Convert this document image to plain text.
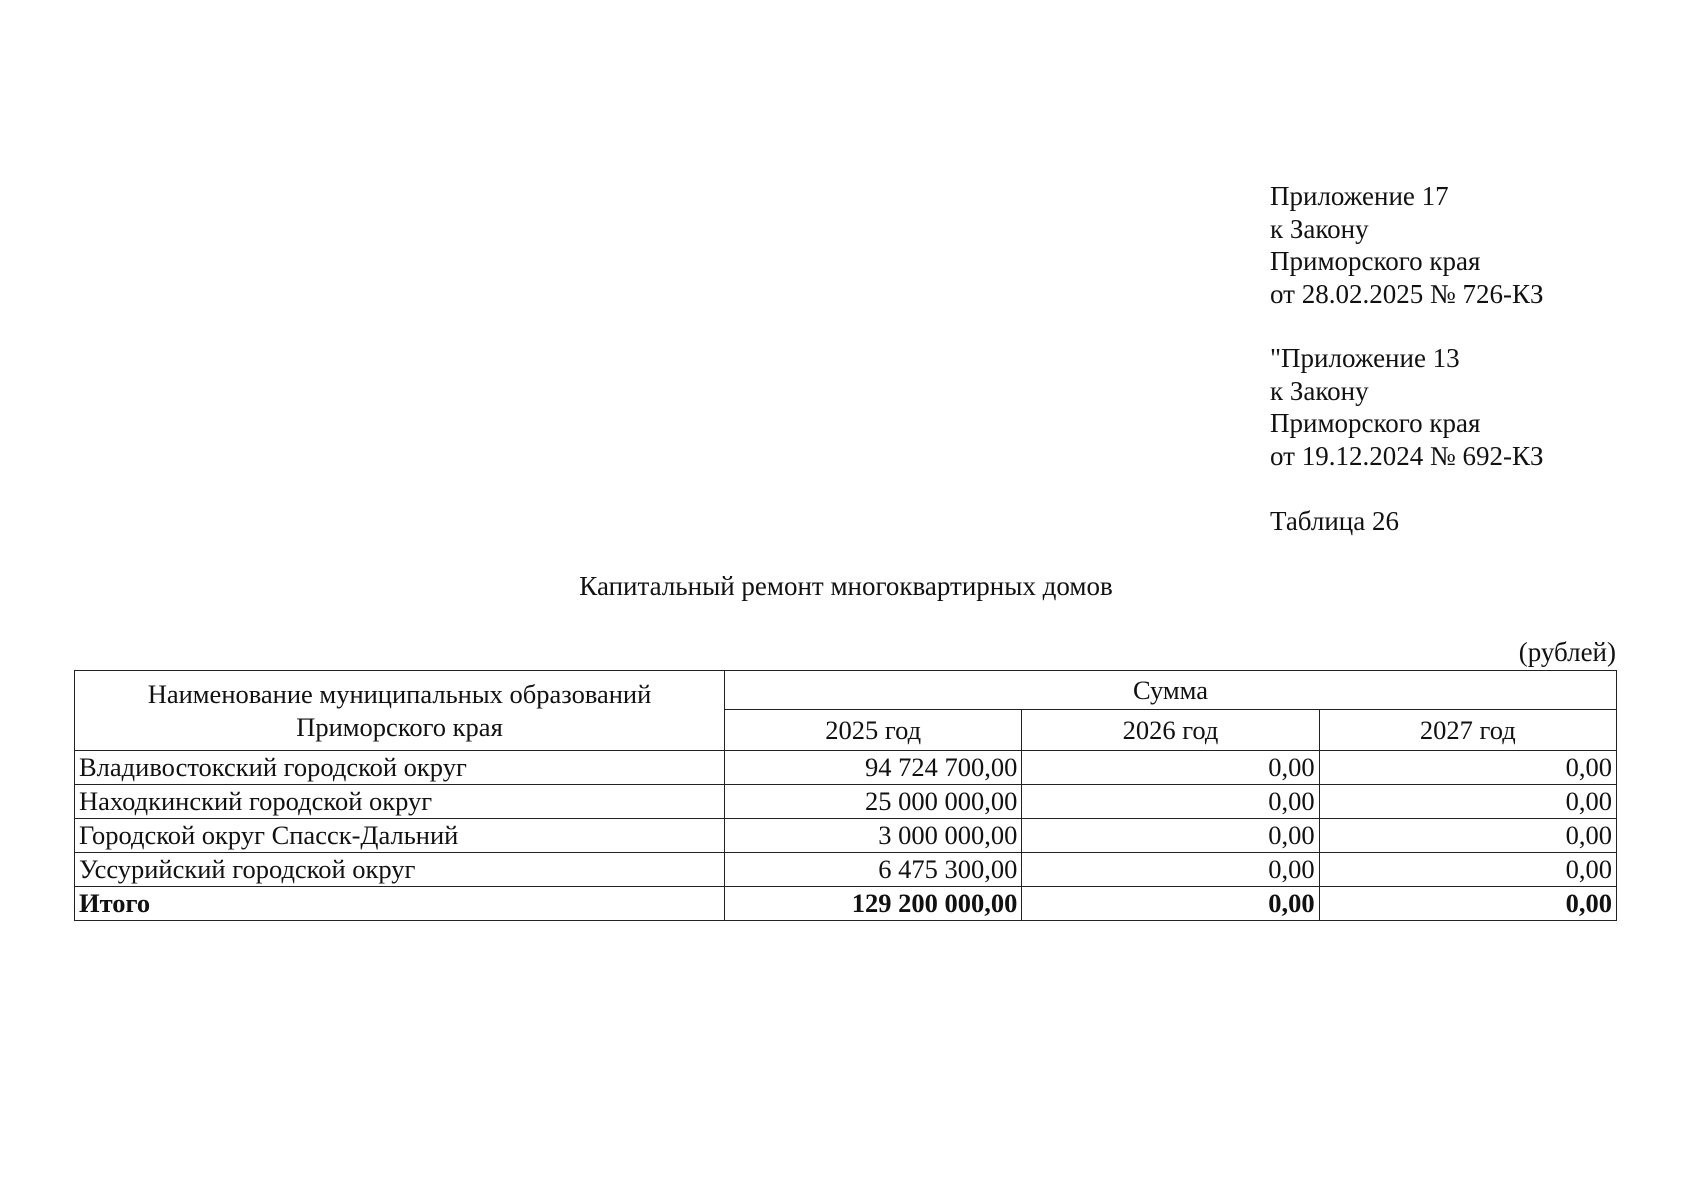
Приложение 17
к Закону
Приморского края
от 28.02.2025 № 726-КЗ
"Приложение 13
к Закону
Приморского края
от 19.12.2024 № 692-КЗ
Таблица 26
Капитальный ремонт многоквартирных домов
(рублей)
Наименование муниципальных образований Приморского края	Сумма		
	2025 год	2026 год	2027 год
Владивостокский городской округ	94 724 700,00	0,00	0,00
Находкинский городской округ	25 000 000,00	0,00	0,00
Городской округ Спасск-Дальний	3 000 000,00	0,00	0,00
Уссурийский городской округ	6 475 300,00	0,00	0,00
Итого	129 200 000,00	0,00	0,00
